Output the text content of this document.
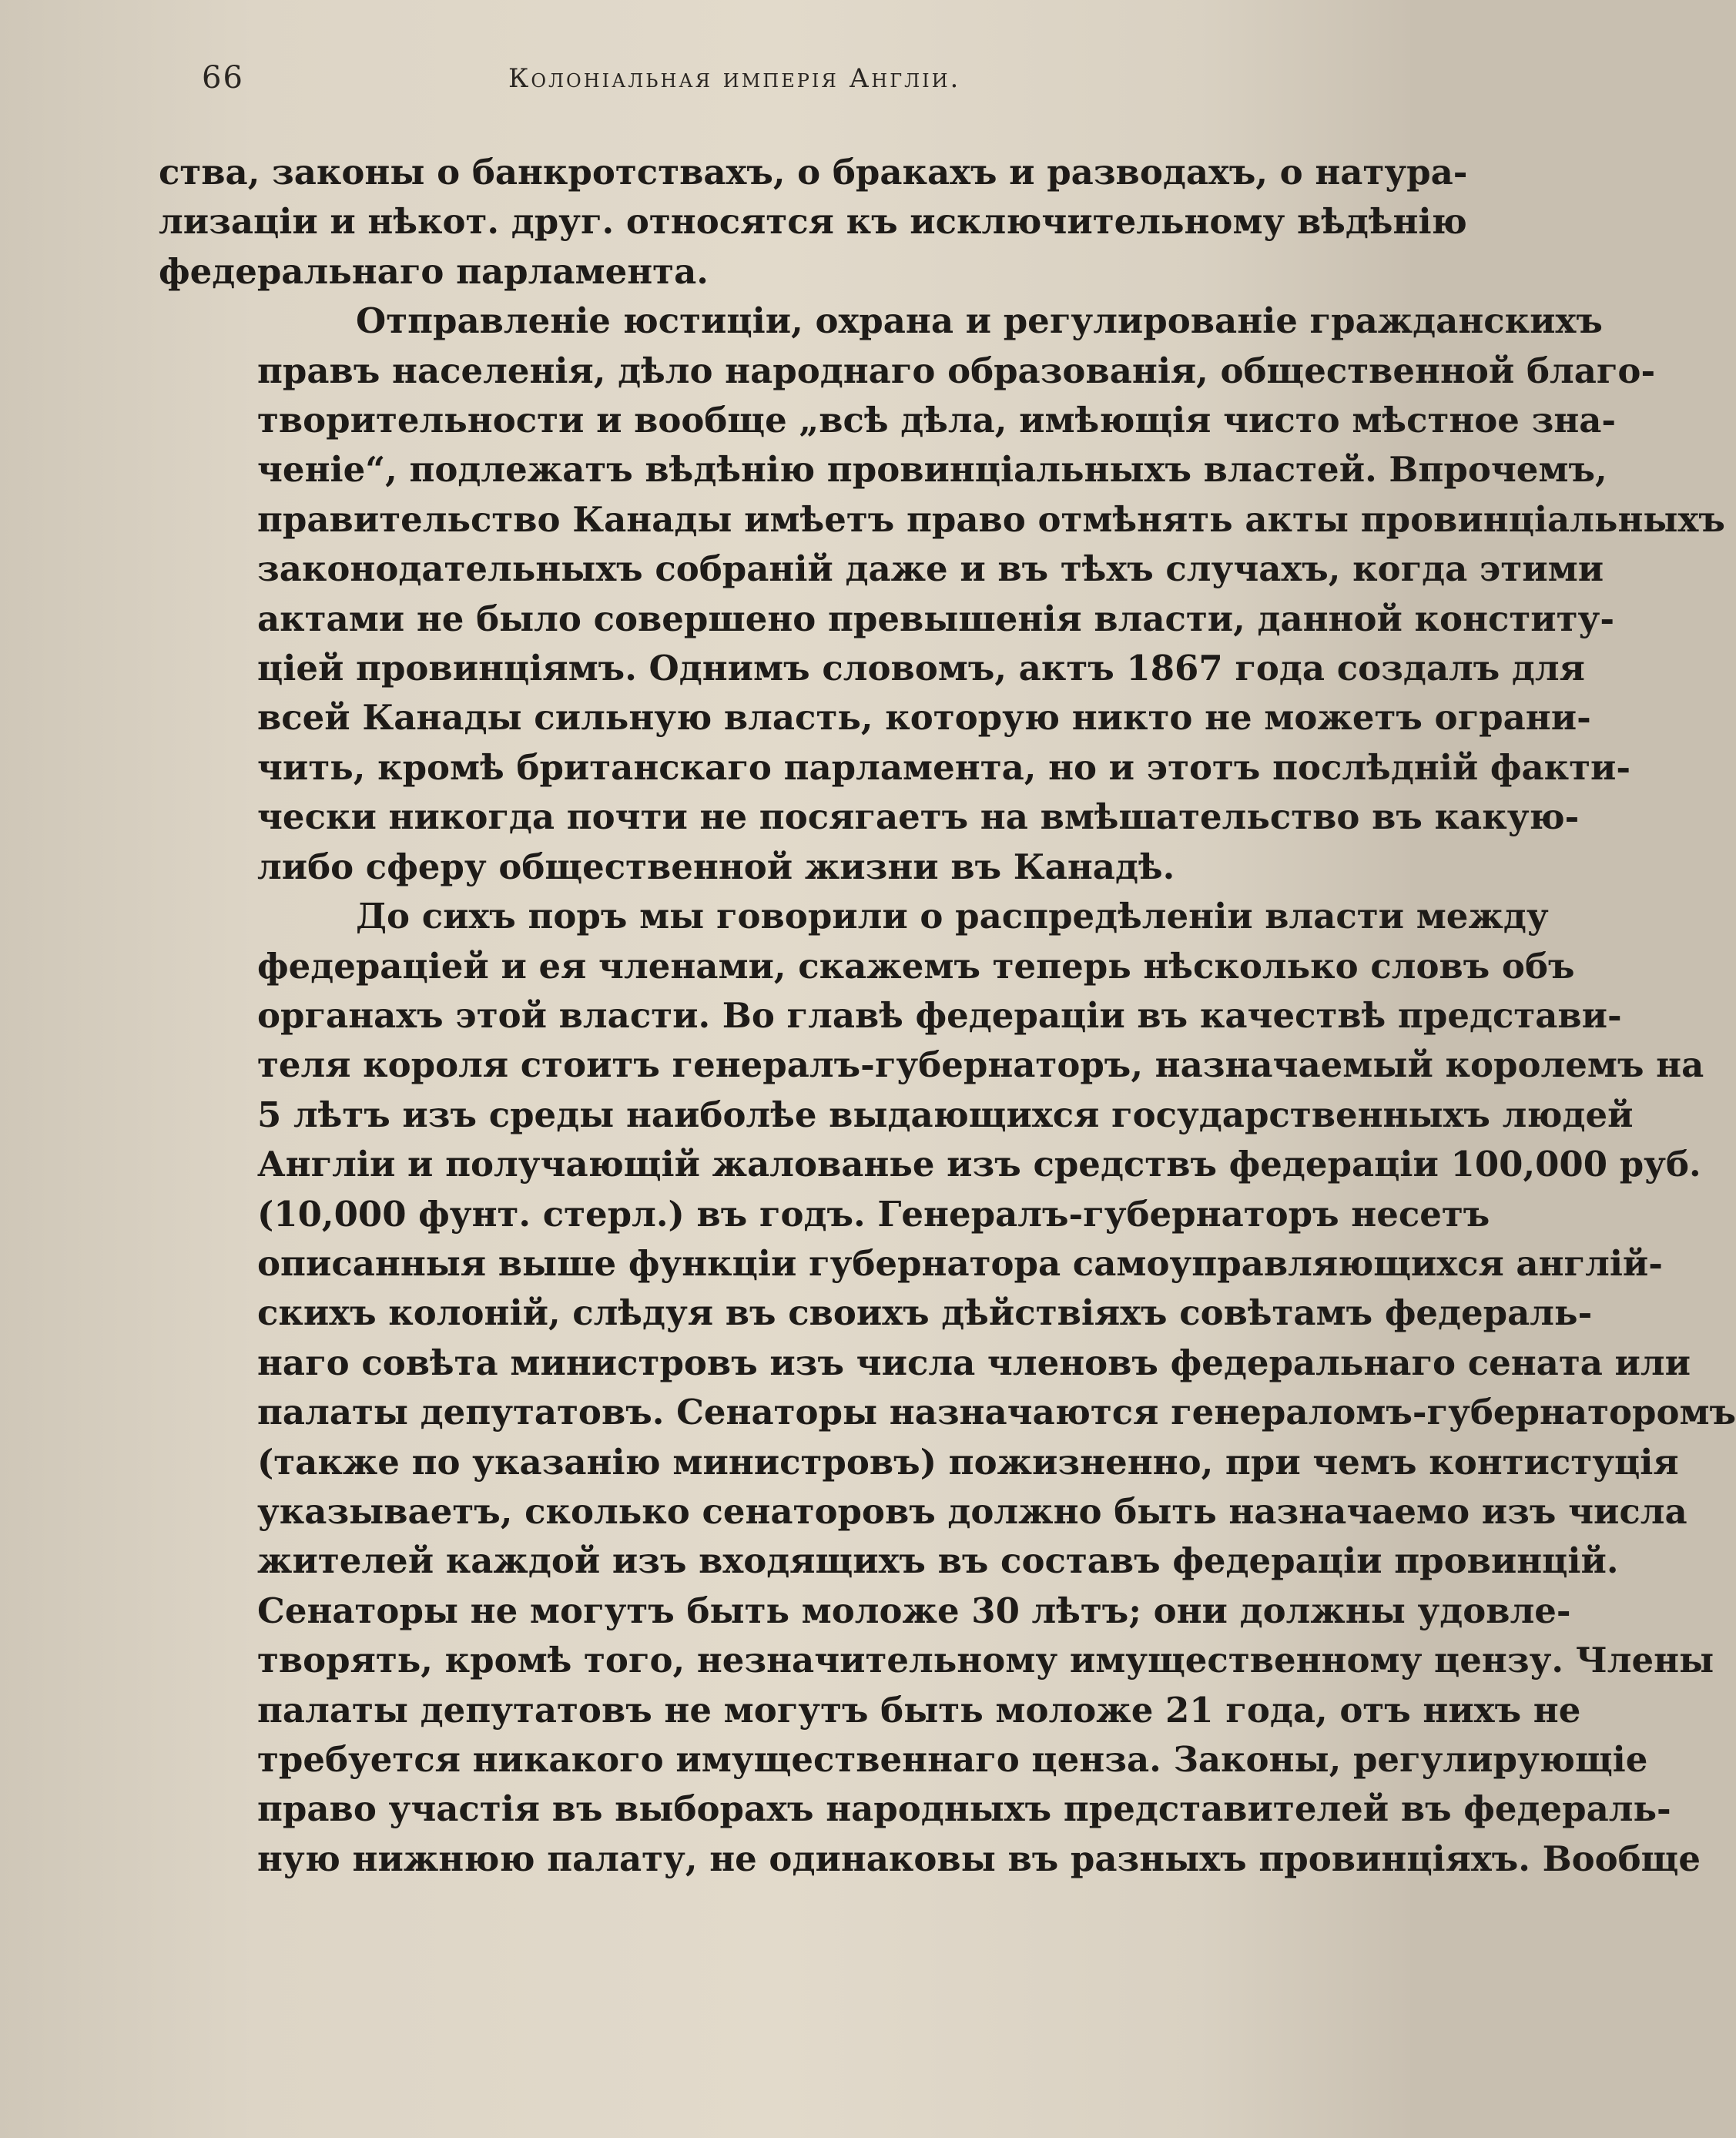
66	Колоніальная имперія Англіи.
ства, законы о банкротствахъ, о бракахъ и разводахъ, о натура-
лизаціи и нѣкот. друг. относятся къ исключительному вѣдѣнію
федеральнаго парламента.
Отправленіе юстиціи, охрана и регулированіе гражданскихъ
правъ населенія, дѣло народнаго образованія, общественной благо-
творительности и вообще „всѣ дѣла, имѣющія чисто мѣстное зна-
ченіе“, подлежатъ вѣдѣнію провинціальныхъ властей. Впрочемъ,
правительство Канады имѣетъ право отмѣнять акты провинціальныхъ
законодательныхъ собраній даже и въ тѣхъ случахъ, когда этими
актами не было совершено превышенія власти, данной конститу-
ціей провинціямъ. Однимъ словомъ, актъ 1867 года создалъ для
всей Канады сильную власть, которую никто не можетъ ограни-
чить, кромѣ британскаго парламента, но и этотъ послѣдній факти-
чески никогда почти не посягаетъ на вмѣшательство въ какую-
либо сферу общественной жизни въ Канадѣ.
До сихъ поръ мы говорили о распредѣленіи власти между
федераціей и ея членами, скажемъ теперь нѣсколько словъ объ
органахъ этой власти. Во главѣ федераціи въ качествѣ представи-
теля короля стоитъ генералъ-губернаторъ, назначаемый королемъ на
5 лѣтъ изъ среды наиболѣе выдающихся государственныхъ людей
Англіи и получающій жалованье изъ средствъ федераціи 100,000 руб.
(10,000 фунт. стерл.) въ годъ. Генералъ-губернаторъ несетъ
описанныя выше функціи губернатора самоуправляющихся англій-
скихъ колоній, слѣдуя въ своихъ дѣйствіяхъ совѣтамъ федераль-
наго совѣта министровъ изъ числа членовъ федеральнаго сената или
палаты депутатовъ. Сенаторы назначаются генераломъ-губернаторомъ
(также по указанію министровъ) пожизненно, при чемъ контистуція
указываетъ, сколько сенаторовъ должно быть назначаемо изъ числа
жителей каждой изъ входящихъ въ составъ федераціи провинцій.
Сенаторы не могутъ быть моложе 30 лѣтъ; они должны удовле-
творять, кромѣ того, незначительному имущественному цензу. Члены
палаты депутатовъ не могутъ быть моложе 21 года, отъ нихъ не
требуется никакого имущественнаго ценза. Законы, регулирующіе
право участія въ выборахъ народныхъ представителей въ федераль-
ную нижнюю палату, не одинаковы въ разныхъ провинціяхъ. Вообще
